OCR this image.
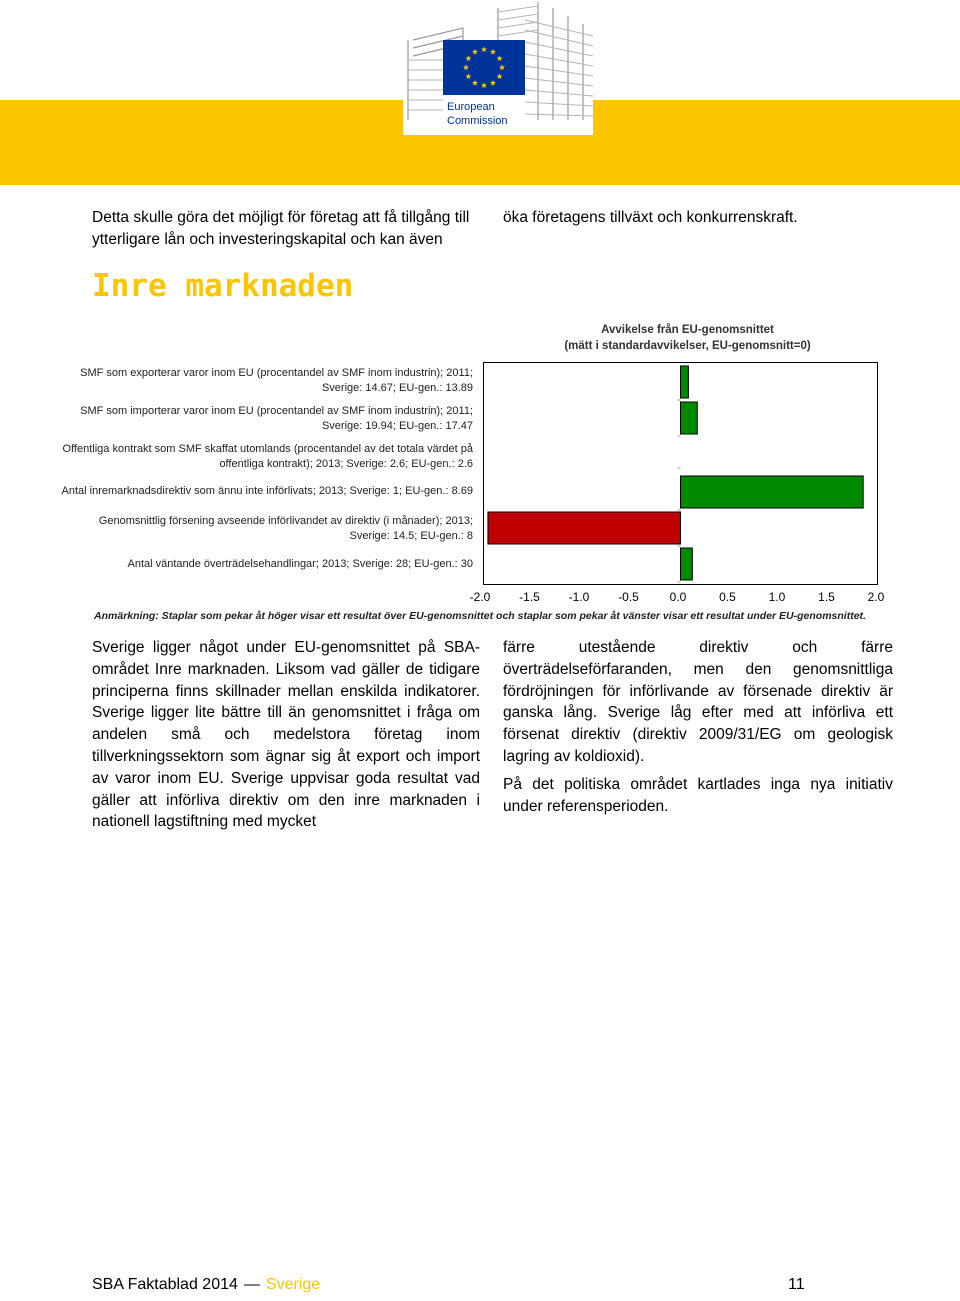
European
Commission
Detta skulle göra det möjligt för företag att få tillgång till ytterligare lån och investeringskapital och kan även
öka företagens tillväxt och konkurrenskraft.
Inre marknaden
Avvikelse från EU-genomsnittet
(mätt i standardavvikelser, EU-genomsnitt=0)
SMF som exporterar varor inom EU (procentandel av SMF inom industrin); 2011;
Sverige: 14.67; EU-gen.: 13.89
SMF som importerar varor inom EU (procentandel av SMF inom industrin); 2011;
Sverige: 19.94; EU-gen.: 17.47
Offentliga kontrakt som SMF skaffat utomlands (procentandel av det totala värdet på
offentliga kontrakt); 2013; Sverige: 2.6; EU-gen.: 2.6
Antal inremarknadsdirektiv som ännu inte införlivats; 2013; Sverige: 1; EU-gen.: 8.69
Genomsnittlig försening avseende införlivandet av direktiv (i månader); 2013;
Sverige: 14.5; EU-gen.: 8
Antal väntande överträdelsehandlingar; 2013; Sverige: 28; EU-gen.: 30
-2.0 -1.5 -1.0 -0.5	0.0	0.5	1.0	1.5	2.0
Anmärkning: Staplar som pekar åt höger visar ett resultat över EU-genomsnittet och staplar som pekar åt vänster visar ett resultat under EU-genomsnittet.

Sverige ligger något under EU-genomsnittet på SBA-området Inre marknaden. Liksom vad gäller de tidigare principerna finns skillnader mellan enskilda indikatorer. Sverige ligger lite bättre till än genomsnittet i fråga om andelen små och medelstora företag inom tillverkningssektorn som ägnar sig åt export och import av varor inom EU. Sverige uppvisar goda resultat vad gäller att införliva direktiv om den inre marknaden i nationell lagstiftning med mycket

färre utestående direktiv och färre överträdelseförfaranden, men den genomsnittliga fördröjningen för införlivande av försenade direktiv är ganska lång. Sverige låg efter med att införliva ett försenat direktiv (direktiv 2009/31/EG om geologisk lagring av koldioxid).

På det politiska området kartlades inga nya initiativ under referensperioden.

SBA Faktablad 2014 — Sverige	11
